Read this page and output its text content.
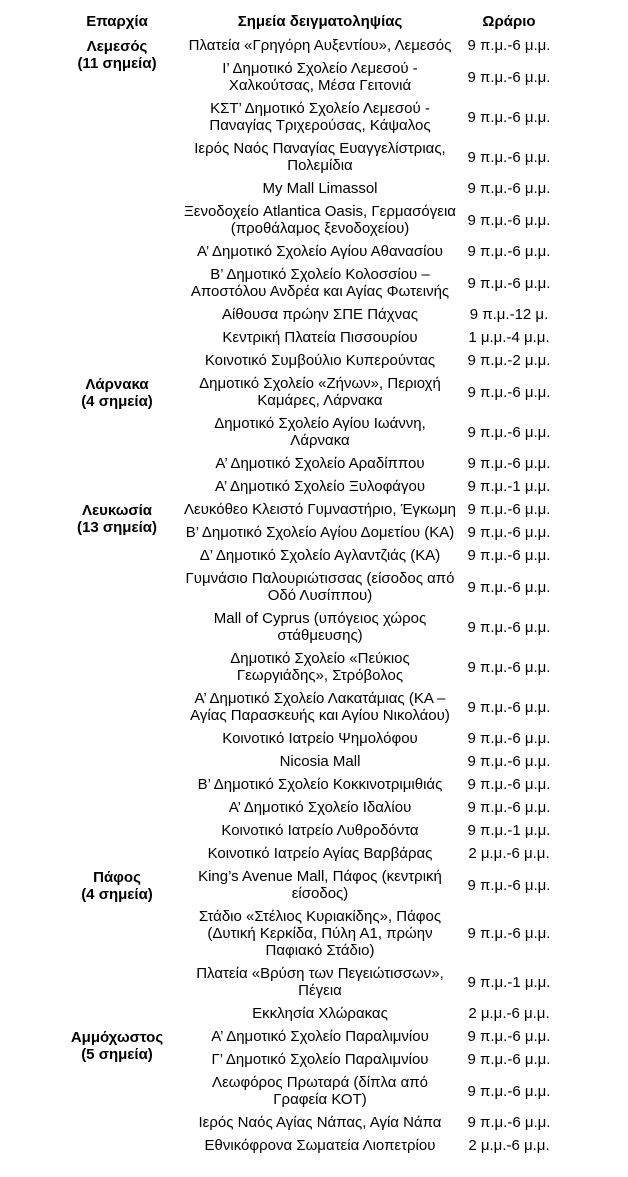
Επαρχία	Σημεία δειγματοληψίας	Ωράριο

Λεμεσός
(11 σημεία)	Πλατεία «Γρηγόρη Αυξεντίου», Λεμεσός	9 π.μ.-6 μ.μ.
	Ι’ Δημοτικό Σχολείο Λεμεσού - Χαλκούτσας, Μέσα Γειτονιά	9 π.μ.-6 μ.μ.
	ΚΣΤ’ Δημοτικό Σχολείο Λεμεσού - Παναγίας Τριχερούσας, Κάψαλος	9 π.μ.-6 μ.μ.
	Ιερός Ναός Παναγίας Ευαγγελίστριας, Πολεμίδια	9 π.μ.-6 μ.μ.
	My Mall Limassol	9 π.μ.-6 μ.μ.
	Ξενοδοχείο Atlantica Oasis, Γερμασόγεια (προθάλαμος ξενοδοχείου)	9 π.μ.-6 μ.μ.
	Α’ Δημοτικό Σχολείο Αγίου Αθανασίου	9 π.μ.-6 μ.μ.
	Β’ Δημοτικό Σχολείο Κολοσσίου – Αποστόλου Ανδρέα και Αγίας Φωτεινής	9 π.μ.-6 μ.μ.
	Αίθουσα πρώην ΣΠΕ Πάχνας	9 π.μ.-12 μ.
	Κεντρική Πλατεία Πισσουρίου	1 μ.μ.-4 μ.μ.
	Κοινοτικό Συμβούλιο Κυπερούντας	9 π.μ.-2 μ.μ.

Λάρνακα
(4 σημεία)	Δημοτικό Σχολείο «Ζήνων», Περιοχή Καμάρες, Λάρνακα	9 π.μ.-6 μ.μ.
	Δημοτικό Σχολείο Αγίου Ιωάννη, Λάρνακα	9 π.μ.-6 μ.μ.
	Α’ Δημοτικό Σχολείο Αραδίππου	9 π.μ.-6 μ.μ.
	Α’ Δημοτικό Σχολείο Ξυλοφάγου	9 π.μ.-1 μ.μ.

Λευκωσία
(13 σημεία)	Λευκόθεο Κλειστό Γυμναστήριο, Έγκωμη	9 π.μ.-6 μ.μ.
	Β’ Δημοτικό Σχολείο Αγίου Δομετίου (ΚΑ)	9 π.μ.-6 μ.μ.
	Δ’ Δημοτικό Σχολείο Αγλαντζιάς (ΚΑ)	9 π.μ.-6 μ.μ.
	Γυμνάσιο Παλουριώτισσας (είσοδος από Οδό Λυσίππου)	9 π.μ.-6 μ.μ.
	Mall of Cyprus (υπόγειος χώρος στάθμευσης)	9 π.μ.-6 μ.μ.
	Δημοτικό Σχολείο «Πεύκιος Γεωργιάδης», Στρόβολος	9 π.μ.-6 μ.μ.
	Α’ Δημοτικό Σχολείο Λακατάμιας (ΚΑ – Αγίας Παρασκευής και Αγίου Νικολάου)	9 π.μ.-6 μ.μ.
	Κοινοτικό Ιατρείο Ψημολόφου	9 π.μ.-6 μ.μ.
	Nicosia Mall	9 π.μ.-6 μ.μ.
	Β’ Δημοτικό Σχολείο Κοκκινοτριμιθιάς	9 π.μ.-6 μ.μ.
	Α’ Δημοτικό Σχολείο Ιδαλίου	9 π.μ.-6 μ.μ.
	Κοινοτικό Ιατρείο Λυθροδόντα	9 π.μ.-1 μ.μ.
	Κοινοτικό Ιατρείο Αγίας Βαρβάρας	2 μ.μ.-6 μ.μ.

Πάφος
(4 σημεία)	King’s Avenue Mall, Πάφος (κεντρική είσοδος)	9 π.μ.-6 μ.μ.
	Στάδιο «Στέλιος Κυριακίδης», Πάφος (Δυτική Κερκίδα, Πύλη Α1, πρώην Παφιακό Στάδιο)	9 π.μ.-6 μ.μ.
	Πλατεία «Βρύση των Πεγειώτισσων», Πέγεια	9 π.μ.-1 μ.μ.
	Εκκλησία Χλώρακας	2 μ.μ.-6 μ.μ.

Αμμόχωστος
(5 σημεία)	Α’ Δημοτικό Σχολείο Παραλιμνίου	9 π.μ.-6 μ.μ.
	Γ’ Δημοτικό Σχολείο Παραλιμνίου	9 π.μ.-6 μ.μ.
	Λεωφόρος Πρωταρά (δίπλα από Γραφεία ΚΟΤ)	9 π.μ.-6 μ.μ.
	Ιερός Ναός Αγίας Νάπας, Αγία Νάπα	9 π.μ.-6 μ.μ.
	Εθνικόφρονα Σωματεία Λιοπετρίου	2 μ.μ.-6 μ.μ.
